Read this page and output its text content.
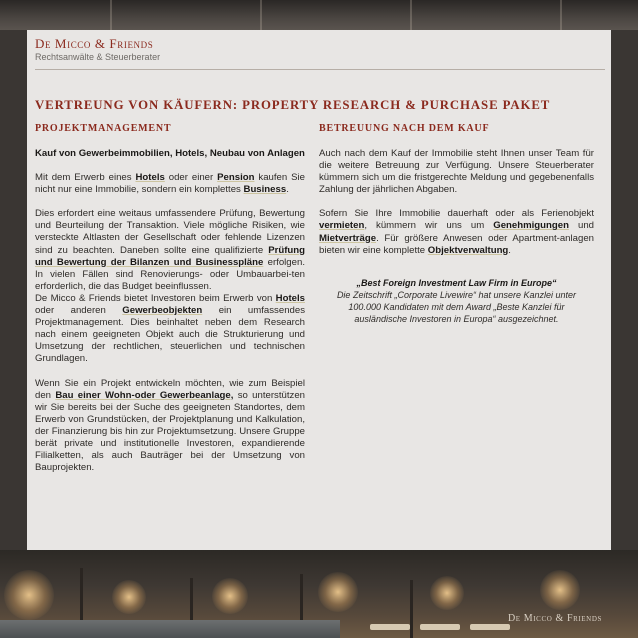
De Micco & Friends
Rechtsanwälte & Steuerberater
VERTREUNG VON KÄUFERN: PROPERTY RESEARCH & PURCHASE PAKET
PROJEKTMANAGEMENT

Kauf von Gewerbeimmobilien, Hotels, Neubau von Anlagen

Mit dem Erwerb eines Hotels oder einer Pension kaufen Sie nicht nur eine Immobilie, sondern ein komplettes Business.

Dies erfordert eine weitaus umfassendere Prüfung, Bewertung und Beurteilung der Transaktion. Viele mögliche Risiken, wie versteckte Altlasten der Gesellschaft oder fehlende Lizenzen sind zu beachten. Daneben sollte eine qualifizierte Prüfung und Bewertung der Bilanzen und Businesspläne erfolgen. In vielen Fällen sind Renovierungs- oder Umbauarbei-ten erforderlich, die das Budget beeinflussen.

De Micco & Friends bietet Investoren beim Erwerb von Hotels oder anderen Gewerbeobjekten ein umfassendes Projektmanagement. Dies beinhaltet neben dem Research nach einem geeigneten Objekt auch die Strukturierung und Umsetzung der rechtlichen, steuerlichen und technischen Grundlagen.

Wenn Sie ein Projekt entwickeln möchten, wie zum Beispiel den Bau einer Wohn-oder Gewerbeanlage, so unterstützen wir Sie bereits bei der Suche des geeigneten Standortes, dem Erwerb von Grundstücken, der Projektplanung und Kalkulation, der Finanzierung bis hin zur Projektumsetzung. Unsere Gruppe berät private und institutionelle Investoren, expandierende Filialketten, als auch Bauträger bei der Umsetzung von Bauprojekten.

BETREUUNG NACH DEM KAUF

Auch nach dem Kauf der Immobilie steht Ihnen unser Team für die weitere Betreuung zur Verfügung. Unsere Steuerberater kümmern sich um die fristgerechte Meldung und gegebenenfalls Zahlung der jährlichen Abgaben.

Sofern Sie Ihre Immobilie dauerhaft oder als Ferienobjekt vermieten, kümmern wir uns um Genehmigungen und Mietverträge. Für größere Anwesen oder Apartment-anlagen bieten wir eine komplette Objektverwaltung.

„Best Foreign Investment Law Firm in Europe“
Die Zeitschrift „Corporate Livewire“ hat unsere Kanzlei unter 100.000 Kandidaten mit dem Award „Beste Kanzlei für ausländische Investoren in Europa“ ausgezeichnet.
De Micco & Friends
